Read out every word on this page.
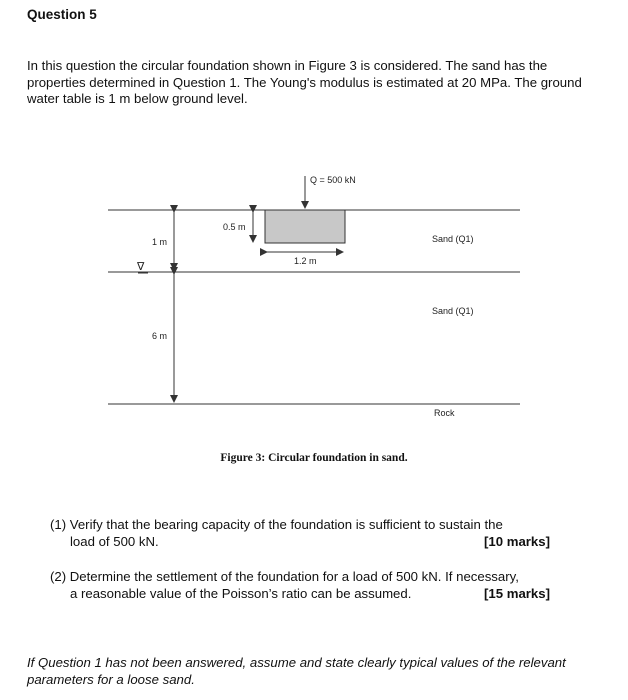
Question 5
In this question the circular foundation shown in Figure 3 is considered. The sand has the properties determined in Question 1. The Young's modulus is estimated at 20 MPa. The ground water table is 1 m below ground level.
Q = 500 kN
0.5 m
1.2 m
1 m
6 m
∇
Sand (Q1)
Sand (Q1)
Rock
Figure 3: Circular foundation in sand.
(1) Verify that the bearing capacity of the foundation is sufficient to sustain the
load of 500 kN.	[10 marks]
(2) Determine the settlement of the foundation for a load of 500 kN. If necessary,
a reasonable value of the Poisson’s ratio can be assumed.	[15 marks]
If Question 1 has not been answered, assume and state clearly typical values of the relevant parameters for a loose sand.
